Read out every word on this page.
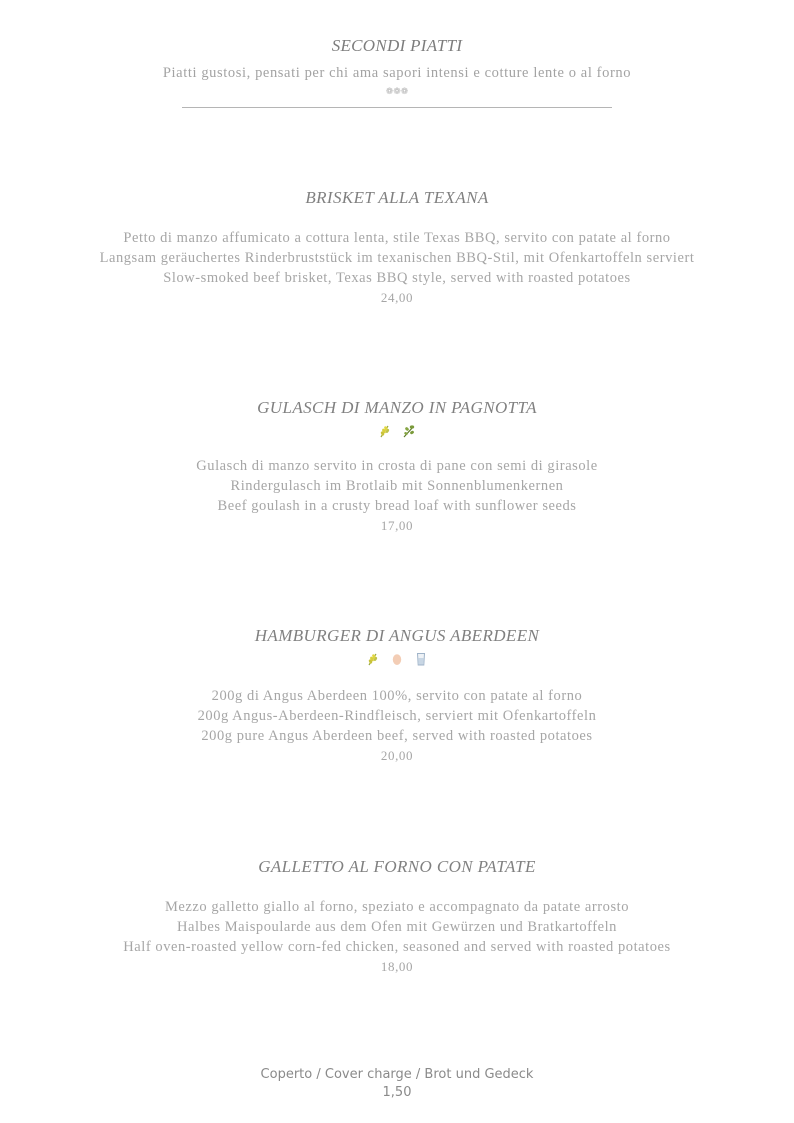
SECONDI PIATTI
Piatti gustosi, pensati per chi ama sapori intensi e cotture lente o al forno
❁❁❁
BRISKET ALLA TEXANA
Petto di manzo affumicato a cottura lenta, stile Texas BBQ, servito con patate al forno
Langsam geräuchertes Rinderbruststück im texanischen BBQ-Stil, mit Ofenkartoffeln serviert
Slow-smoked beef brisket, Texas BBQ style, served with roasted potatoes
24,00
GULASCH DI MANZO IN PAGNOTTA
Gulasch di manzo servito in crosta di pane con semi di girasole
Rindergulasch im Brotlaib mit Sonnenblumenkernen
Beef goulash in a crusty bread loaf with sunflower seeds
17,00
HAMBURGER DI ANGUS ABERDEEN
200g di Angus Aberdeen 100%, servito con patate al forno
200g Angus-Aberdeen-Rindfleisch, serviert mit Ofenkartoffeln
200g pure Angus Aberdeen beef, served with roasted potatoes
20,00
GALLETTO AL FORNO CON PATATE
Mezzo galletto giallo al forno, speziato e accompagnato da patate arrosto
Halbes Maispoularde aus dem Ofen mit Gewürzen und Bratkartoffeln
Half oven-roasted yellow corn-fed chicken, seasoned and served with roasted potatoes
18,00
Coperto / Cover charge / Brot und Gedeck
1,50
